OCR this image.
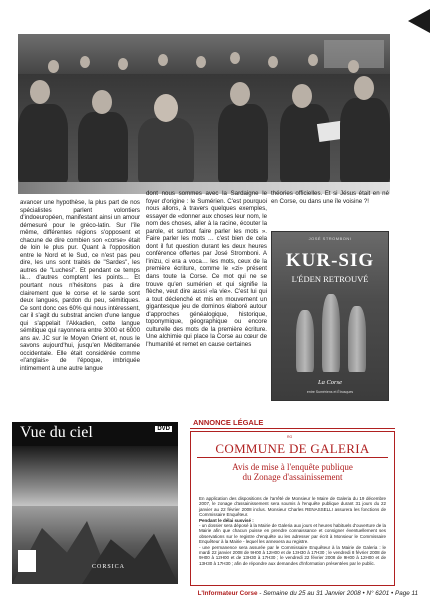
avancer une hypothèse, la plus part de nos spécialistes parlent volontiers d'indoeuropéen, manifestant ainsi un amour démesuré pour le gréco-latin. Sur l'île même, différentes régions s'opposent et chacune de dire combien son «corse» était de loin le plus pur. Quant à l'opposition entre le Nord et le Sud, ce n'est pas peu dire, les uns sont traités de "Sardes", les autres de "Luchesi". Et pendant ce temps là… d'autres comptent les points… Et pourtant nous n'hésitons pas à dire clairement que le corse et le sarde sont deux langues, pardon du peu, sémitiques. Ce sont donc ces 60% qui nous intéressent, car il s'agit du substrat ancien d'une langue qui s'appelait l'Akkadien, cette langue sémitique qui rayonnera entre 3000 et 6000 ans av. JC sur le Moyen Orient et, nous le savons aujourd'hui, jusqu'en Méditerranée occidentale. Elle était considérée comme «l'anglais» de l'époque, imbriquée intimement à une autre langue

dont nous sommes avec la Sardaigne le foyer d'origine : le Sumérien. C'est pourquoi nous allons, à travers quelques exemples, essayer de «donner aux choses leur nom, le nom des choses, aller à la racine, écouter la parole, et surtout faire parler les mots ». Faire parler les mots … c'est bien de cela dont il fut question durant les deux heures conférence offertes par José Stromboni. A l'inizu, ci era a voca… les mots, ceux de la première écriture, comme le «zi» présent dans toute la Corse. Ce mot qui ne se trouve qu'en sumérien et qui signifie la flèche, veut dire aussi «la vie». C'est lui qui a tout déclenché et mis en mouvement un gigantesque jeu de dominos élaboré autour d'approches généalogique, historique, toponymique, géographique ou encore culturelle des mots de la première écriture. Une alchimie qui place la Corse au cœur de l'humanité et remet en cause certaines

théories officielles. Et si Jésus était en né en Corse, ou dans une île voisine ?!

JOSÉ STROMBONI
KUR-SIG
L'ÉDEN RETROUVÉ
La Corse
entre Sumériens et Étrusques
Vue du ciel	DVD
CORSICA
ANNONCE LÉGALE
RG
COMMUNE DE GALERIA
Avis de mise à l'enquête publique
du Zonage d'assainissement

En application des dispositions de l'arrêté de Monsieur le Maire de Galeria du 19 décembre 2007, le zonage d'assainissement sera soumis à l'enquête publique durant 31 jours du 22 janvier au 22 février 2008 inclus. Monsieur Charles RENASSELLI assurera les fonctions de Commissaire Enquêteur.

Pendant le délai susvisé :

- un dossier sera déposé à la Mairie de Galeria aux jours et heures habituels d'ouverture de la Mairie afin que chacun puisse en prendre connaissance et consigner éventuellement ses observations sur le registre d'enquête ou les adresser par écrit à Monsieur le Commissaire Enquêteur à la Mairie - lequel les annexera au registre.

- une permanence sera assurée par le Commissaire Enquêteur à la Mairie de Galeria : le mardi 22 janvier 2008 de 9H00 à 12H00 et de 13H30 à 17H30 ; le vendredi 8 février 2008 de 9H00 à 12H00 et de 13H30 à 17H30 ; le vendredi 22 février 2008 de 9H00 à 12H00 et de 13H30 à 17H30 ; afin de répondre aux demandes d'information présentées par le public.

L'Informateur Corse - Semaine du 25 au 31 Janvier 2008 • N° 6201 • Page 11
